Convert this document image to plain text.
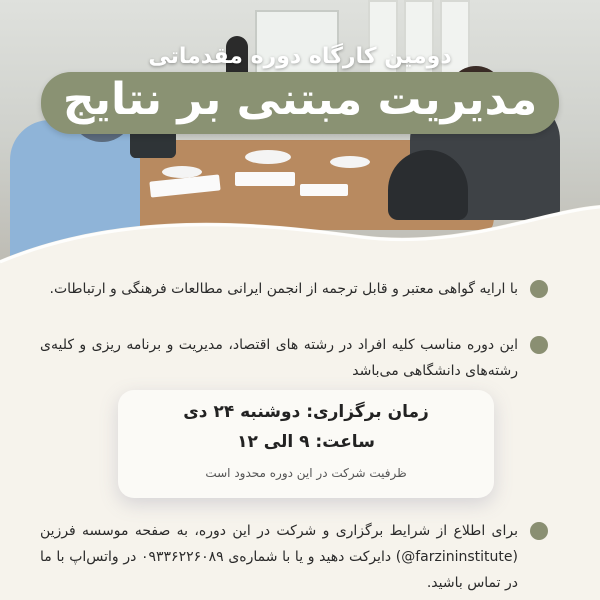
دومین کارگاه دوره مقدماتی
مدیریت مبتنی بر نتایج
با ارایه گواهی معتبر و قابل ترجمه از انجمن ایرانی مطالعات فرهنگی و ارتباطات.
این دوره مناسب کلیه افراد در رشته های اقتصاد، مدیریت و برنامه ریزی و کلیه‌ی رشته‌های دانشگاهی می‌باشد
زمان برگزاری: دوشنبه ۲۴ دی
ساعت: ۹ الی ۱۲
ظرفیت شرکت در این دوره محدود است
برای اطلاع از شرایط برگزاری و شرکت در این دوره، به صفحه موسسه فرزین (farzininstitute@) دایرکت دهید و یا با شماره‌ی ۰۹۳۳۶۲۲۶۰۸۹ در واتس‌اپ با ما در تماس باشید.
